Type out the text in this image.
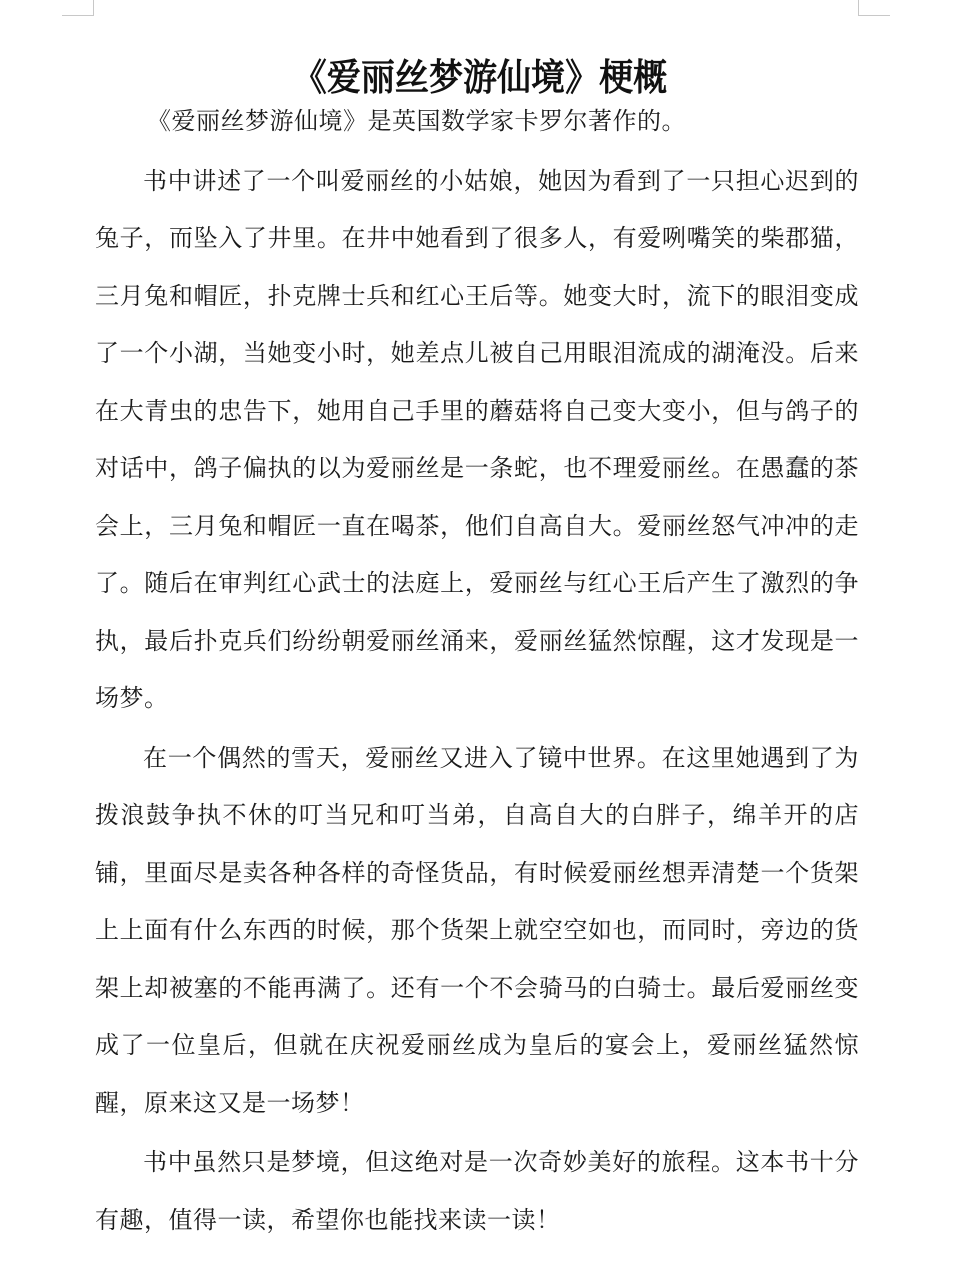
《爱丽丝梦游仙境》梗概

《爱丽丝梦游仙境》是英国数学家卡罗尔著作的。

书中讲述了一个叫爱丽丝的小姑娘，她因为看到了一只担心迟到的兔子，而坠入了井里。在井中她看到了很多人，有爱咧嘴笑的柴郡猫，三月兔和帽匠，扑克牌士兵和红心王后等。她变大时，流下的眼泪变成了一个小湖，当她变小时，她差点儿被自己用眼泪流成的湖淹没。后来在大青虫的忠告下，她用自己手里的蘑菇将自己变大变小，但与鸽子的对话中，鸽子偏执的以为爱丽丝是一条蛇，也不理爱丽丝。在愚蠢的茶会上，三月兔和帽匠一直在喝茶，他们自高自大。爱丽丝怒气冲冲的走了。随后在审判红心武士的法庭上，爱丽丝与红心王后产生了激烈的争执，最后扑克兵们纷纷朝爱丽丝涌来，爱丽丝猛然惊醒，这才发现是一场梦。

在一个偶然的雪天，爱丽丝又进入了镜中世界。在这里她遇到了为拨浪鼓争执不休的叮当兄和叮当弟，自高自大的白胖子，绵羊开的店铺，里面尽是卖各种各样的奇怪货品，有时候爱丽丝想弄清楚一个货架上上面有什么东西的时候，那个货架上就空空如也，而同时，旁边的货架上却被塞的不能再满了。还有一个不会骑马的白骑士。最后爱丽丝变成了一位皇后，但就在庆祝爱丽丝成为皇后的宴会上，爱丽丝猛然惊醒，原来这又是一场梦！

书中虽然只是梦境，但这绝对是一次奇妙美好的旅程。这本书十分有趣，值得一读，希望你也能找来读一读！
